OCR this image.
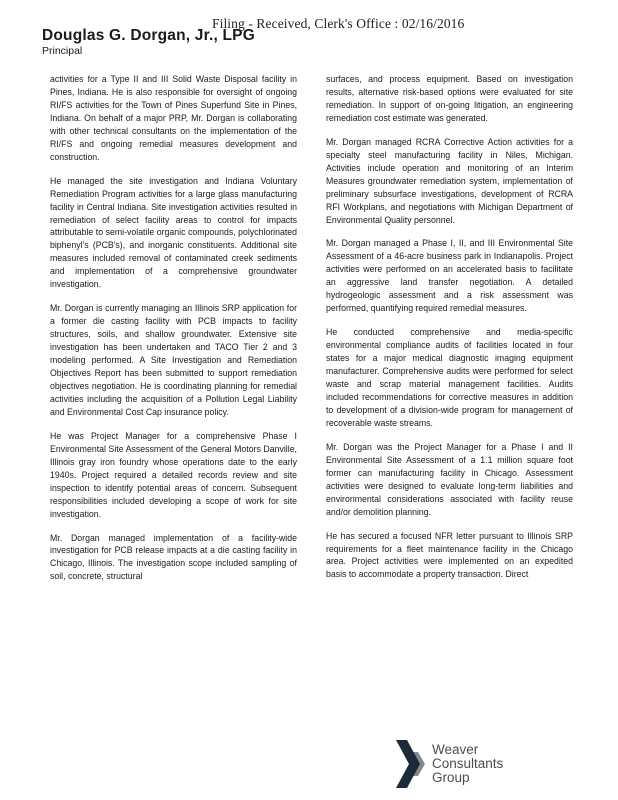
Filing - Received, Clerk's Office : 02/16/2016
Douglas G. Dorgan, Jr., LPG
Principal

activities for a Type II and III Solid Waste Disposal facility in Pines, Indiana. He is also responsible for oversight of ongoing RI/FS activities for the Town of Pines Superfund Site in Pines, Indiana. On behalf of a major PRP, Mr. Dorgan is collaborating with other technical consultants on the implementation of the RI/FS and ongoing remedial measures development and construction.

He managed the site investigation and Indiana Voluntary Remediation Program activities for a large glass manufacturing facility in Central Indiana. Site investigation activities resulted in remediation of select facility areas to control for impacts attributable to semi-volatile organic compounds, polychlorinated biphenyl's (PCB's), and inorganic constituents. Additional site measures included removal of contaminated creek sediments and implementation of a comprehensive groundwater investigation.

Mr. Dorgan is currently managing an Illinois SRP application for a former die casting facility with PCB impacts to facility structures, soils, and shallow groundwater. Extensive site investigation has been undertaken and TACO Tier 2 and 3 modeling performed. A Site Investigation and Remediation Objectives Report has been submitted to support remediation objectives negotiation. He is coordinating planning for remedial activities including the acquisition of a Pollution Legal Liability and Environmental Cost Cap insurance policy.

He was Project Manager for a comprehensive Phase I Environmental Site Assessment of the General Motors Danville, Illinois gray iron foundry whose operations date to the early 1940s. Project required a detailed records review and site inspection to identify potential areas of concern. Subsequent responsibilities included developing a scope of work for site investigation.

Mr. Dorgan managed implementation of a facility-wide investigation for PCB release impacts at a die casting facility in Chicago, Illinois. The investigation scope included sampling of soil, concrete, structural

surfaces, and process equipment. Based on investigation results, alternative risk-based options were evaluated for site remediation. In support of on-going litigation, an engineering remediation cost estimate was generated.

Mr. Dorgan managed RCRA Corrective Action activities for a specialty steel manufacturing facility in Niles, Michigan. Activities include operation and monitoring of an Interim Measures groundwater remediation system, implementation of preliminary subsurface investigations, development of RCRA RFI Workplans, and negotiations with Michigan Department of Environmental Quality personnel.

Mr. Dorgan managed a Phase I, II, and III Environmental Site Assessment of a 46-acre business park in Indianapolis. Project activities were performed on an accelerated basis to facilitate an aggressive land transfer negotiation. A detailed hydrogeologic assessment and a risk assessment was performed, quantifying required remedial measures.

He conducted comprehensive and media-specific environmental compliance audits of facilities located in four states for a major medical diagnostic imaging equipment manufacturer. Comprehensive audits were performed for select waste and scrap material management facilities. Audits included recommendations for corrective measures in addition to development of a division-wide program for management of recoverable waste streams.

Mr. Dorgan was the Project Manager for a Phase I and II Environmental Site Assessment of a 1.1 million square foot former can manufacturing facility in Chicago. Assessment activities were designed to evaluate long-term liabilities and environmental considerations associated with facility reuse and/or demolition planning.

He has secured a focused NFR letter pursuant to Illinois SRP requirements for a fleet maintenance facility in the Chicago area. Project activities were implemented on an expedited basis to accommodate a property transaction. Direct

Weaver
Consultants
Group
